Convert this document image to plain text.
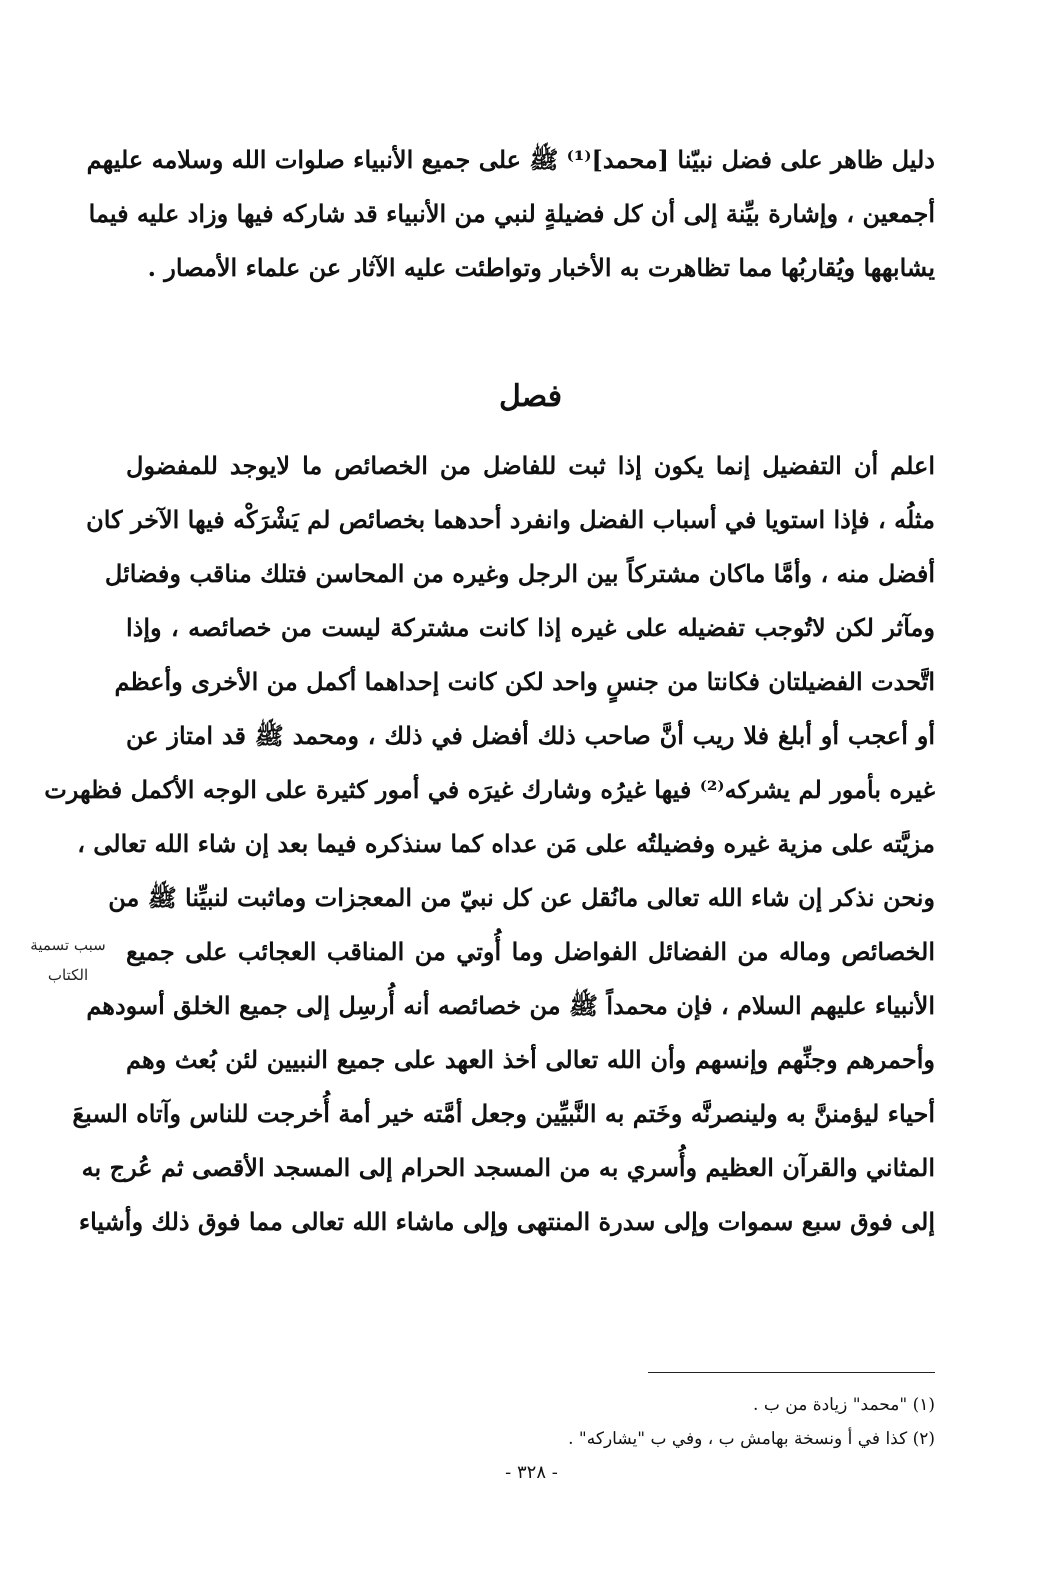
دليل ظاهر على فضل نبيّنا [محمد]⁽¹⁾ ﷺ على جميع الأنبياء صلوات الله وسلامه عليهم
أجمعين ، وإشارة بيِّنة إلى أن كل فضيلةٍ لنبي من الأنبياء قد شاركه فيها وزاد عليه فيما
يشابهها ويُقاربُها مما تظاهرت به الأخبار وتواطئت عليه الآثار عن علماء الأمصار .
فصل
اعلم أن التفضيل إنما يكون إذا ثبت للفاضل من الخصائص ما لايوجد للمفضول
مثلُه ، فإذا استويا في أسباب الفضل وانفرد أحدهما بخصائص لم يَشْرَكْه فيها الآخر كان
أفضل منه ، وأمَّا ماكان مشتركاً بين الرجل وغيره من المحاسن فتلك مناقب وفضائل
ومآثر لكن لاتُوجب تفضيله على غيره إذا كانت مشتركة ليست من خصائصه ، وإذا
اتَّحدت الفضيلتان فكانتا من جنسٍ واحد لكن كانت إحداهما أكمل من الأخرى وأعظم
أو أعجب أو أبلغ فلا ريب أنَّ صاحب ذلك أفضل في ذلك ، ومحمد ﷺ قد امتاز عن
غيره بأمور لم يشركه⁽²⁾ فيها غيرُه وشارك غيرَه في أمور كثيرة على الوجه الأكمل فظهرت
مزيَّته على مزية غيره وفضيلتُه على مَن عداه كما سنذكره فيما بعد إن شاء الله تعالى ،
ونحن نذكر إن شاء الله تعالى مانُقل عن كل نبيّ من المعجزات وماثبت لنبيِّنا ﷺ من
الخصائص وماله من الفضائل الفواضل وما أُوتي من المناقب العجائب على جميع
الأنبياء عليهم السلام ، فإن محمداً ﷺ من خصائصه أنه أُرسِل إلى جميع الخلق أسودهم
وأحمرهم وجنِّهم وإنسهم وأن الله تعالى أخذ العهد على جميع النبيين لئن بُعث وهم
أحياء ليؤمننَّ به ولينصرنَّه وخَتم به النَّبيِّين وجعل أمَّته خير أمة أُخرجت للناس وآتاه السبعَ
المثاني والقرآن العظيم وأُسري به من المسجد الحرام إلى المسجد الأقصى ثم عُرج به
إلى فوق سبع سموات وإلى سدرة المنتهى وإلى ماشاء الله تعالى مما فوق ذلك وأشياء
سبب تسمية
الكتاب
(١) "محمد" زيادة من ب .
(٢) كذا في أ ونسخة بهامش ب ، وفي ب "يشاركه" .
- ٣٢٨ -
